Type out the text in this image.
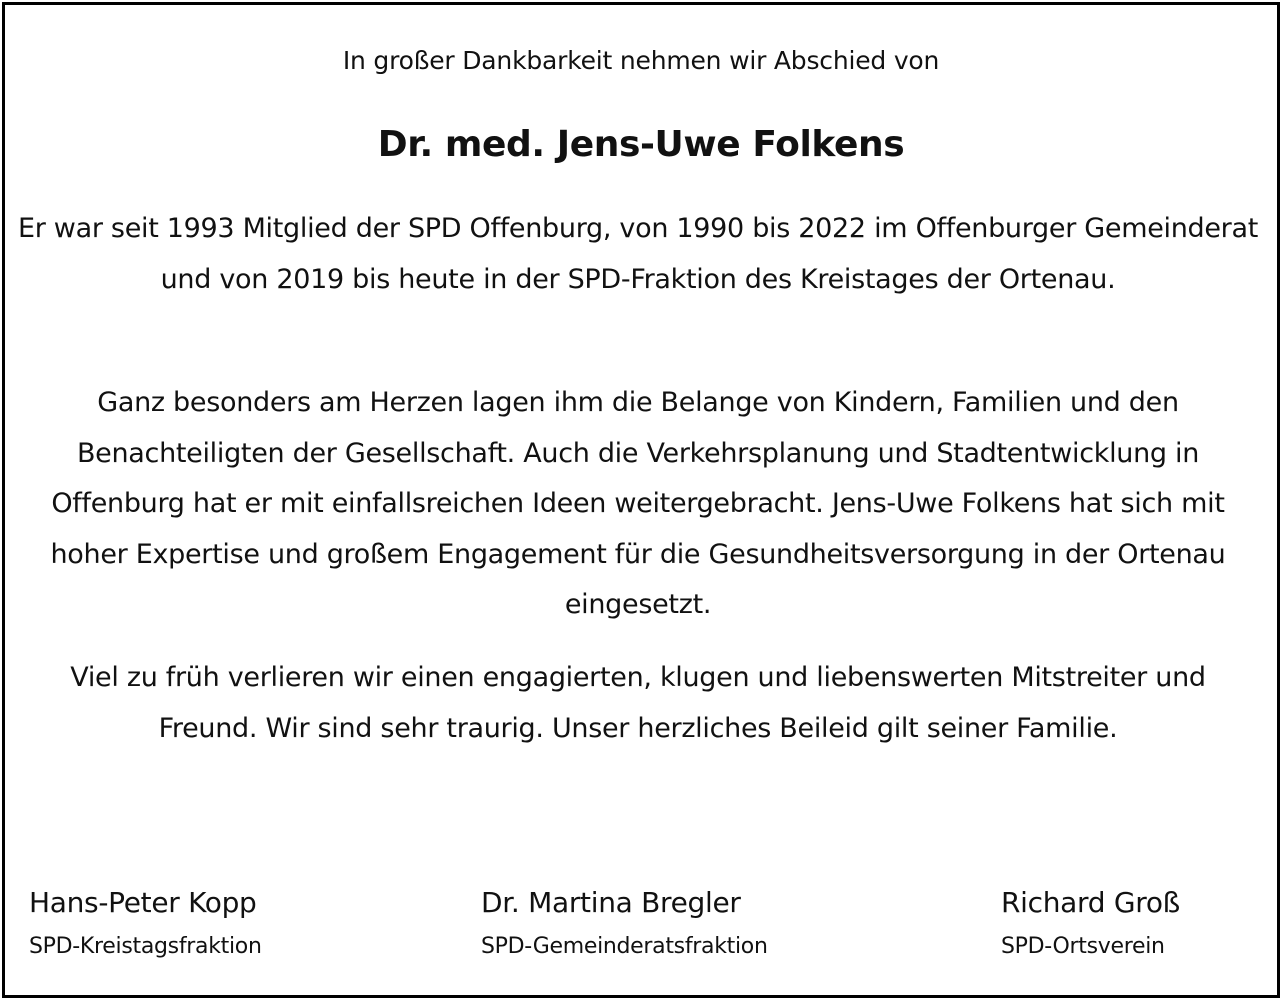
In großer Dankbarkeit nehmen wir Abschied von
Dr. med. Jens-Uwe Folkens
Er war seit 1993 Mitglied der SPD Offenburg, von 1990 bis 2022 im Offenburger Gemeinderat und von 2019 bis heute in der SPD-Fraktion des Kreistages der Ortenau.
Ganz besonders am Herzen lagen ihm die Belange von Kindern, Familien und den Benachteiligten der Gesellschaft. Auch die Verkehrsplanung und Stadtentwicklung in Offenburg hat er mit einfallsreichen Ideen weitergebracht. Jens-Uwe Folkens hat sich mit hoher Expertise und großem Engagement für die Gesundheitsversorgung in der Ortenau eingesetzt.
Viel zu früh verlieren wir einen engagierten, klugen und liebenswerten Mitstreiter und Freund. Wir sind sehr traurig. Unser herzliches Beileid gilt seiner Familie.
Hans-Peter Kopp
SPD-Kreistagsfraktion
Dr. Martina Bregler
SPD-Gemeinderatsfraktion
Richard Groß
SPD-Ortsverein
